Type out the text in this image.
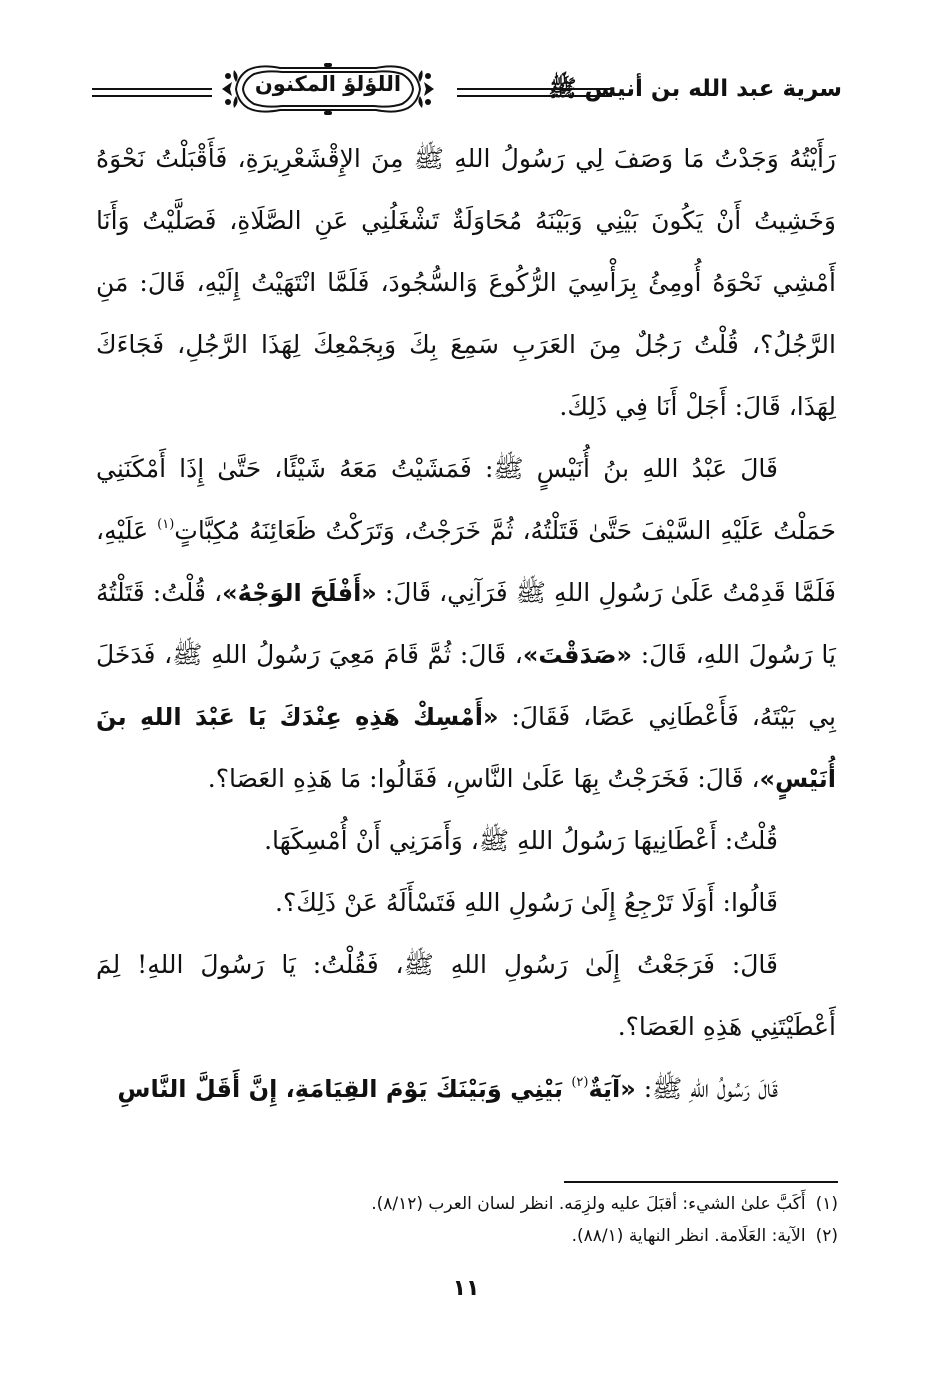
سرية عبد الله بن أنيس ﷺ
اللؤلؤ المكنون

رَأَيْتُهُ وَجَدْتُ مَا وَصَفَ لِي رَسُولُ اللهِ ﷺ مِنَ الإِقْشَعْرِيرَةِ، فَأَقْبَلْتُ نَحْوَهُ وَخَشِيتُ أَنْ يَكُونَ بَيْنِي وَبَيْنَهُ مُحَاوَلَةٌ تَشْغَلُنِي عَنِ الصَّلَاةِ، فَصَلَّيْتُ وَأَنَا أَمْشِي نَحْوَهُ أُومِئُ بِرَأْسِيَ الرُّكُوعَ وَالسُّجُودَ، فَلَمَّا انْتَهَيْتُ إِلَيْهِ، قَالَ: مَنِ الرَّجُلُ؟، قُلْتُ رَجُلٌ مِنَ العَرَبِ سَمِعَ بِكَ وَبِجَمْعِكَ لِهَذَا الرَّجُلِ، فَجَاءَكَ لِهَذَا، قَالَ: أَجَلْ أَنَا فِي ذَلِكَ.

قَالَ عَبْدُ اللهِ بنُ أُنَيْسٍ ﷺ: فَمَشَيْتُ مَعَهُ شَيْئًا، حَتَّىٰ إِذَا أَمْكَنَنِي حَمَلْتُ عَلَيْهِ السَّيْفَ حَتَّىٰ قَتَلْتُهُ، ثُمَّ خَرَجْتُ، وَتَرَكْتُ ظَعَائِنَهُ مُكِبَّاتٍ$^{(١)}$ عَلَيْهِ، فَلَمَّا قَدِمْتُ عَلَىٰ رَسُولِ اللهِ ﷺ فَرَآنِي، قَالَ: «أَفْلَحَ الوَجْهُ»، قُلْتُ: قَتَلْتُهُ يَا رَسُولَ اللهِ، قَالَ: «صَدَقْتَ»، قَالَ: ثُمَّ قَامَ مَعِيَ رَسُولُ اللهِ ﷺ، فَدَخَلَ بِي بَيْتَهُ، فَأَعْطَانِي عَصًا، فَقَالَ: «أَمْسِكْ هَذِهِ عِنْدَكَ يَا عَبْدَ اللهِ بنَ أُنَيْسٍ»، قَالَ: فَخَرَجْتُ بِهَا عَلَىٰ النَّاسِ، فَقَالُوا: مَا هَذِهِ العَصَا؟.

قُلْتُ: أَعْطَانِيهَا رَسُولُ اللهِ ﷺ، وَأَمَرَنِي أَنْ أُمْسِكَهَا.

قَالُوا: أَوَلَا تَرْجِعُ إِلَىٰ رَسُولِ اللهِ فَتَسْأَلَهُ عَنْ ذَلِكَ؟.

قَالَ: فَرَجَعْتُ إِلَىٰ رَسُولِ اللهِ ﷺ، فَقُلْتُ: يَا رَسُولَ اللهِ! لِمَ أَعْطَيْتَنِي هَذِهِ العَصَا؟.

قَالَ رَسُولُ اللهِ ﷺ: «آيَةٌ$^{(٢)}$ بَيْنِي وَبَيْنَكَ يَوْمَ القِيَامَةِ، إِنَّ أَقَلَّ النَّاسِ

(١)أَكَبَّ علىٰ الشيء: أقبَلَ عليه ولزِمَه. انظر لسان العرب (٨/١٢).
(٢)الآية: العَلَامة. انظر النهاية (٨٨/١).
١١
